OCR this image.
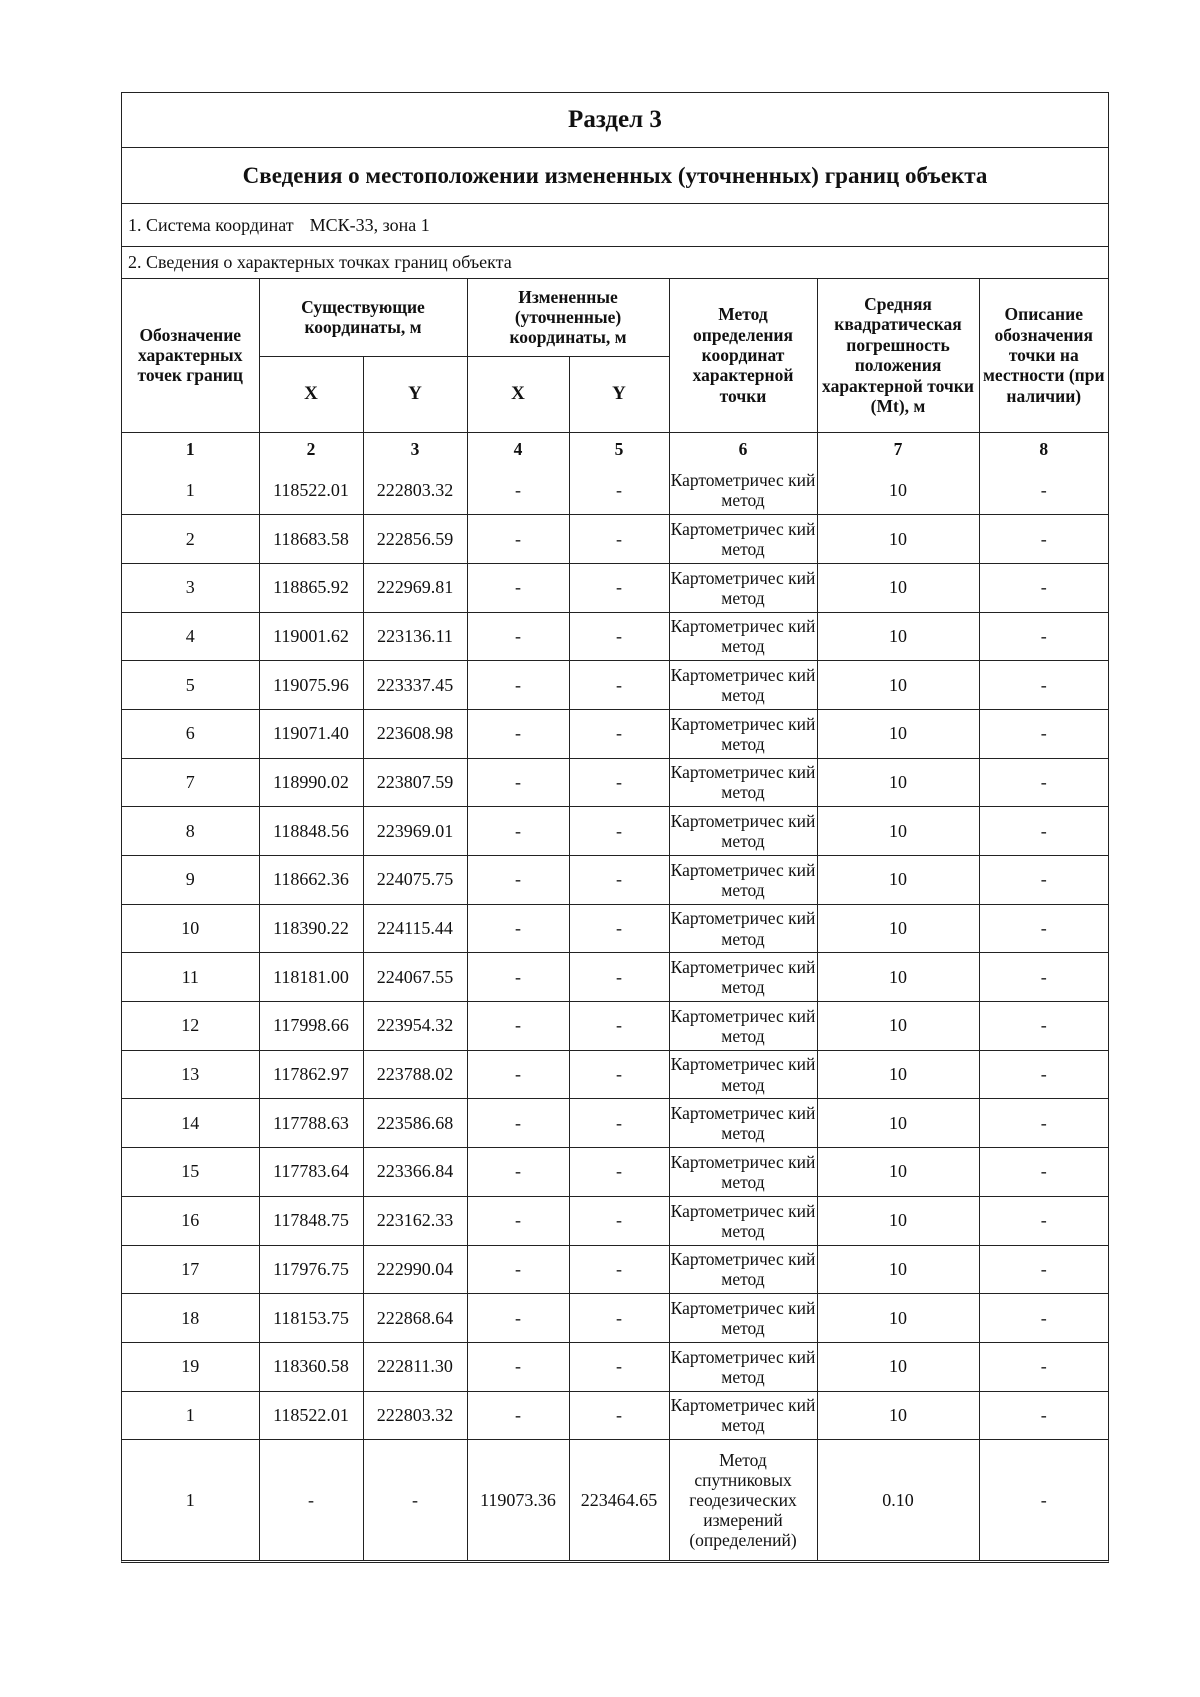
Раздел 3
Сведения о местоположении измененных (уточненных) границ объекта
1. Система координат МСК-33, зона 1
2. Сведения о характерных точках границ объекта
Обозначение характерных точек границ	Существующие координаты, м		Измененные (уточненные) координаты, м		Метод определения координат характерной точки	Средняя квадратическая погрешность положения характерной точки (Mt), м	Описание обозначения точки на местности (при наличии)
	X	Y	X	Y			
1	2	3	4	5	6	7	8
1	118522.01	222803.32	-	-	Картометричес кий метод	10	-
2	118683.58	222856.59	-	-	Картометричес кий метод	10	-
3	118865.92	222969.81	-	-	Картометричес кий метод	10	-
4	119001.62	223136.11	-	-	Картометричес кий метод	10	-
5	119075.96	223337.45	-	-	Картометричес кий метод	10	-
6	119071.40	223608.98	-	-	Картометричес кий метод	10	-
7	118990.02	223807.59	-	-	Картометричес кий метод	10	-
8	118848.56	223969.01	-	-	Картометричес кий метод	10	-
9	118662.36	224075.75	-	-	Картометричес кий метод	10	-
10	118390.22	224115.44	-	-	Картометричес кий метод	10	-
11	118181.00	224067.55	-	-	Картометричес кий метод	10	-
12	117998.66	223954.32	-	-	Картометричес кий метод	10	-
13	117862.97	223788.02	-	-	Картометричес кий метод	10	-
14	117788.63	223586.68	-	-	Картометричес кий метод	10	-
15	117783.64	223366.84	-	-	Картометричес кий метод	10	-
16	117848.75	223162.33	-	-	Картометричес кий метод	10	-
17	117976.75	222990.04	-	-	Картометричес кий метод	10	-
18	118153.75	222868.64	-	-	Картометричес кий метод	10	-
19	118360.58	222811.30	-	-	Картометричес кий метод	10	-
1	118522.01	222803.32	-	-	Картометричес кий метод	10	-
1	-	-	119073.36	223464.65	Метод спутниковых геодезических измерений (определений)	0.10	-
